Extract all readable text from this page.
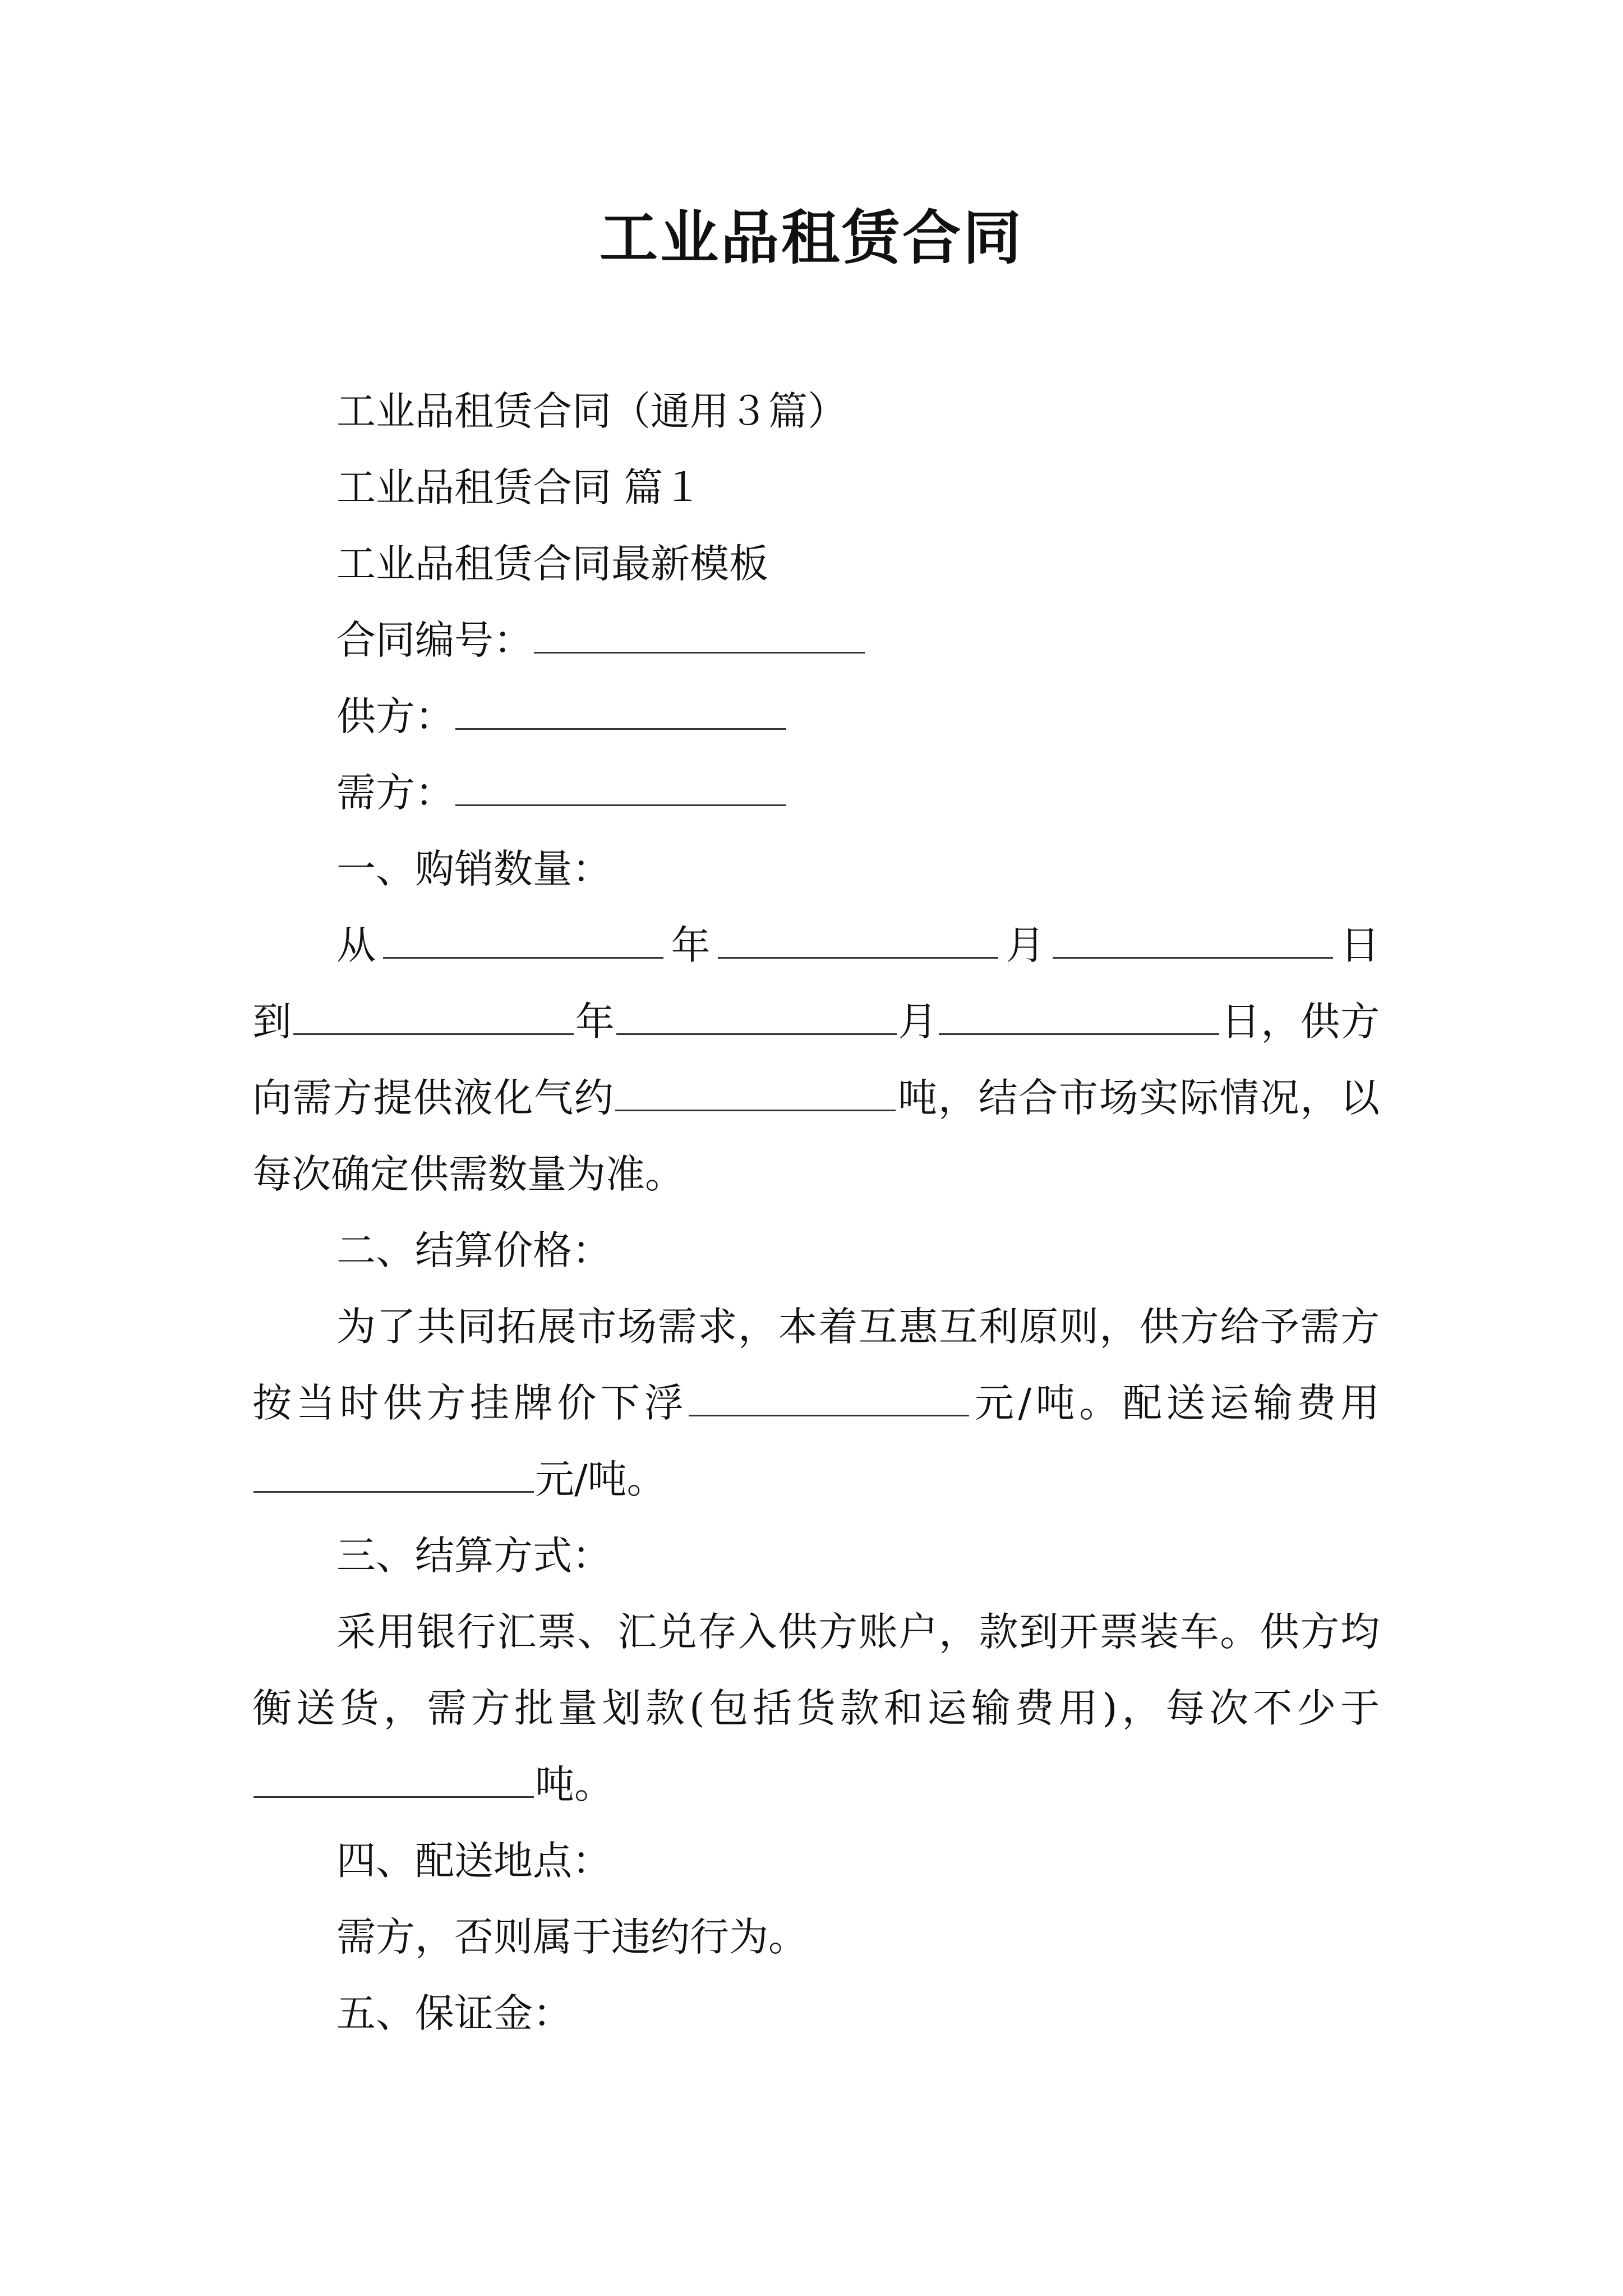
工业品租赁合同

工业品租赁合同（通用３篇）

工业品租赁合同 篇１

工业品租赁合同最新模板

合同编号：

供方：

需方：

一、购销数量：

从	年	月	日到	年	月	日，供方向需方提供液化气约	吨，结合市场实际情况，以每次确定供需数量为准。

二、结算价格：

为了共同拓展市场需求，本着互惠互利原则，供方给予需方按当时供方挂牌价下浮	元/吨。配送运输费用元/吨。

三、结算方式：

采用银行汇票、汇兑存入供方账户，款到开票装车。供方均衡送货，需方批量划款(包括货款和运输费用)，每次不少于吨。

四、配送地点：

需方，否则属于违约行为。

五、保证金：
